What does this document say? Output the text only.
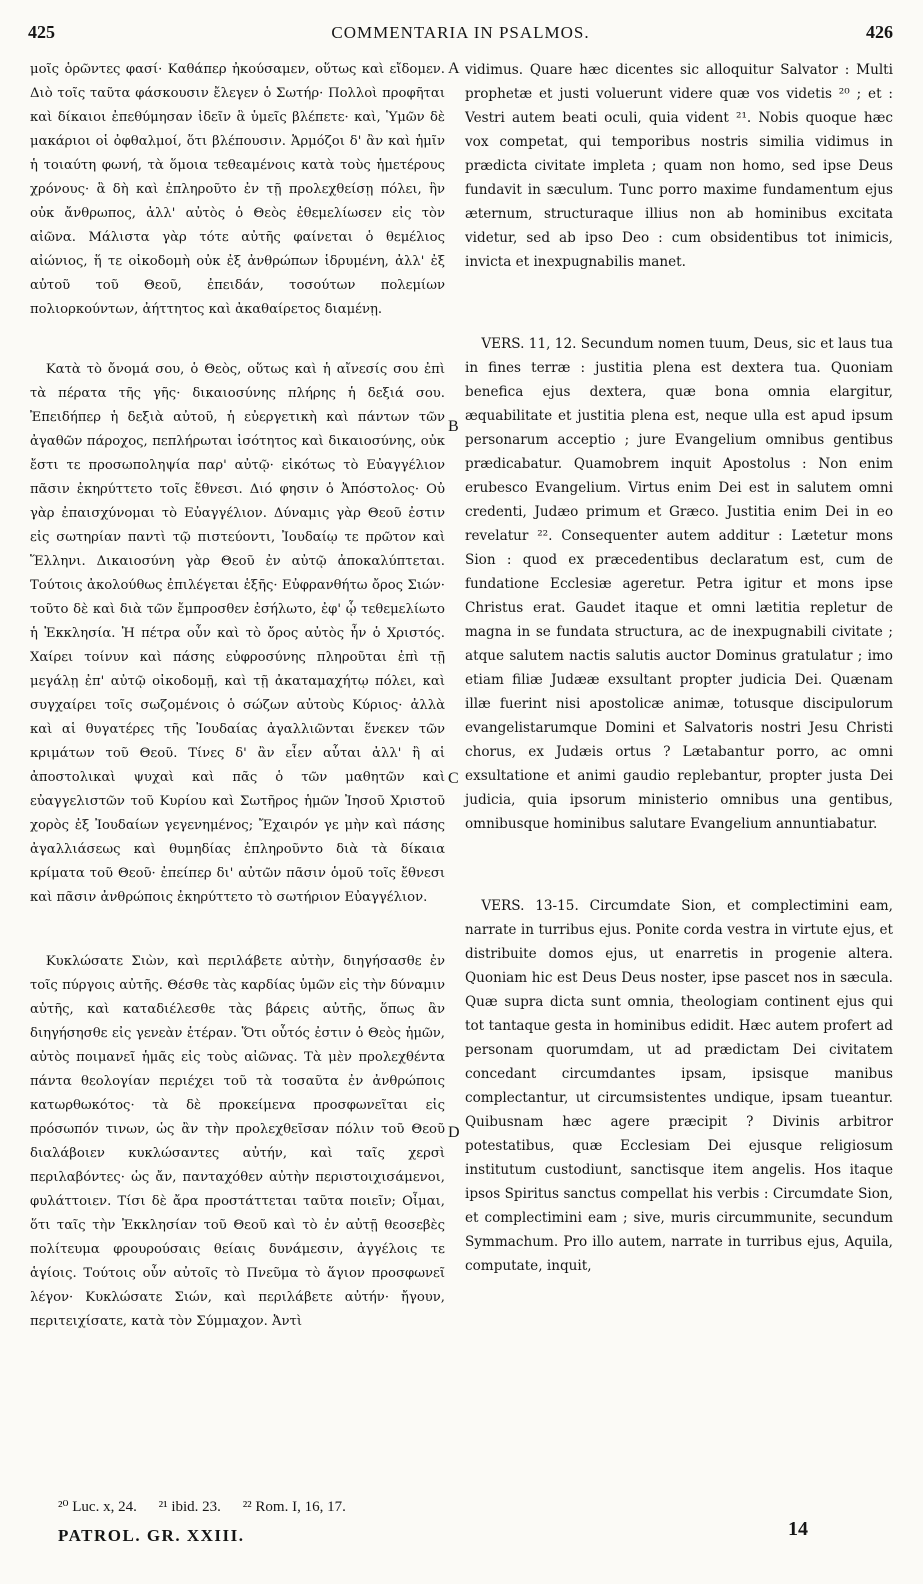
425	COMMENTARIA IN PSALMOS.	426

μοῖς ὁρῶντες φασί· Καθάπερ ἠκούσαμεν, οὕτως καὶ εἴδομεν. Διὸ τοῖς ταῦτα φάσκουσιν ἔλεγεν ὁ Σωτήρ· Πολλοὶ προφῆται καὶ δίκαιοι ἐπεθύμησαν ἰδεῖν ἃ ὑμεῖς βλέπετε· καὶ, Ὑμῶν δὲ μακάριοι οἱ ὀφθαλμοί, ὅτι βλέπουσιν. Ἁρμόζοι δ' ἂν καὶ ἡμῖν ἡ τοιαύτη φωνή, τὰ ὅμοια τεθεαμένοις κατὰ τοὺς ἡμετέρους χρόνους· ἃ δὴ καὶ ἐπληροῦτο ἐν τῇ προλεχθείσῃ πόλει, ἣν οὐκ ἄνθρωπος, ἀλλ' αὐτὸς ὁ Θεὸς ἐθεμελίωσεν εἰς τὸν αἰῶνα. Μάλιστα γὰρ τότε αὐτῆς φαίνεται ὁ θεμέλιος αἰώνιος, ἥ τε οἰκοδομὴ οὐκ ἐξ ἀνθρώπων ἱδρυμένη, ἀλλ' ἐξ αὐτοῦ τοῦ Θεοῦ, ἐπειδάν, τοσούτων πολεμίων πολιορκούντων, ἀήττητος καὶ ἀκαθαίρετος διαμένῃ.

Κατὰ τὸ ὄνομά σου, ὁ Θεὸς, οὕτως καὶ ἡ αἴνεσίς σου ἐπὶ τὰ πέρατα τῆς γῆς· δικαιοσύνης πλήρης ἡ δεξιά σου. Ἐπειδήπερ ἡ δεξιὰ αὐτοῦ, ἡ εὐεργετικὴ καὶ πάντων τῶν ἀγαθῶν πάροχος, πεπλήρωται ἰσότητος καὶ δικαιοσύνης, οὐκ ἔστι τε προσωποληψία παρ' αὐτῷ· εἰκότως τὸ Εὐαγγέλιον πᾶσιν ἐκηρύττετο τοῖς ἔθνεσι. Διό φησιν ὁ Ἀπόστολος· Οὐ γὰρ ἐπαισχύνομαι τὸ Εὐαγγέλιον. Δύναμις γὰρ Θεοῦ ἐστιν εἰς σωτηρίαν παντὶ τῷ πιστεύοντι, Ἰουδαίῳ τε πρῶτον καὶ Ἕλληνι. Δικαιοσύνη γὰρ Θεοῦ ἐν αὐτῷ ἀποκαλύπτεται. Τούτοις ἀκολούθως ἐπιλέγεται ἑξῆς· Εὐφρανθήτω ὄρος Σιών· τοῦτο δὲ καὶ διὰ τῶν ἔμπροσθεν ἐσήλωτο, ἐφ' ᾧ τεθεμελίωτο ἡ Ἐκκλησία. Ἡ πέτρα οὖν καὶ τὸ ὄρος αὐτὸς ἦν ὁ Χριστός. Χαίρει τοίνυν καὶ πάσης εὐφροσύνης πληροῦται ἐπὶ τῇ μεγάλῃ ἐπ' αὐτῷ οἰκοδομῇ, καὶ τῇ ἀκαταμαχήτῳ πόλει, καὶ συγχαίρει τοῖς σωζομένοις ὁ σώζων αὐτοὺς Κύριος· ἀλλὰ καὶ αἱ θυγατέρες τῆς Ἰουδαίας ἀγαλλιῶνται ἕνεκεν τῶν κριμάτων τοῦ Θεοῦ. Τίνες δ' ἂν εἶεν αὗται ἀλλ' ἢ αἱ ἀποστολικαὶ ψυχαὶ καὶ πᾶς ὁ τῶν μαθητῶν καὶ εὐαγγελιστῶν τοῦ Κυρίου καὶ Σωτῆρος ἡμῶν Ἰησοῦ Χριστοῦ χορὸς ἐξ Ἰουδαίων γεγενημένος; Ἔχαιρόν γε μὴν καὶ πάσης ἀγαλλιάσεως καὶ θυμηδίας ἐπληροῦντο διὰ τὰ δίκαια κρίματα τοῦ Θεοῦ· ἐπείπερ δι' αὐτῶν πᾶσιν ὁμοῦ τοῖς ἔθνεσι καὶ πᾶσιν ἀνθρώποις ἐκηρύττετο τὸ σωτήριον Εὐαγγέλιον.

Κυκλώσατε Σιὼν, καὶ περιλάβετε αὐτὴν, διηγήσασθε ἐν τοῖς πύργοις αὐτῆς. Θέσθε τὰς καρδίας ὑμῶν εἰς τὴν δύναμιν αὐτῆς, καὶ καταδιέλεσθε τὰς βάρεις αὐτῆς, ὅπως ἂν διηγήσησθε εἰς γενεὰν ἑτέραν. Ὅτι οὗτός ἐστιν ὁ Θεὸς ἡμῶν, αὐτὸς ποιμανεῖ ἡμᾶς εἰς τοὺς αἰῶνας. Τὰ μὲν προλεχθέντα πάντα θεολογίαν περιέχει τοῦ τὰ τοσαῦτα ἐν ἀνθρώποις κατωρθωκότος· τὰ δὲ προκείμενα προσφωνεῖται εἰς πρόσωπόν τινων, ὡς ἂν τὴν προλεχθεῖσαν πόλιν τοῦ Θεοῦ διαλάβοιεν κυκλώσαντες αὐτήν, καὶ ταῖς χερσὶ περιλαβόντες· ὡς ἄν, πανταχόθεν αὐτὴν περιστοιχισάμενοι, φυλάττοιεν. Τίσι δὲ ἄρα προστάττεται ταῦτα ποιεῖν; Οἶμαι, ὅτι ταῖς τὴν Ἐκκλησίαν τοῦ Θεοῦ καὶ τὸ ἐν αὐτῇ θεοσεβὲς πολίτευμα φρουρούσαις θείαις δυνάμεσιν, ἀγγέλοις τε ἁγίοις. Τούτοις οὖν αὐτοῖς τὸ Πνεῦμα τὸ ἅγιον προσφωνεῖ λέγον· Κυκλώσατε Σιών, καὶ περιλάβετε αὐτήν· ἤγουν, περιτειχίσατε, κατὰ τὸν Σύμμαχον. Ἀντὶ

vidimus. Quare hæc dicentes sic alloquitur Salvator : Multi prophetæ et justi voluerunt videre quæ vos videtis ²⁰ ; et : Vestri autem beati oculi, quia vident ²¹. Nobis quoque hæc vox competat, qui temporibus nostris similia vidimus in prædicta civitate impleta ; quam non homo, sed ipse Deus fundavit in sæculum. Tunc porro maxime fundamentum ejus æternum, structuraque illius non ab hominibus excitata videtur, sed ab ipso Deo : cum obsidentibus tot inimicis, invicta et inexpugnabilis manet.

VERS. 11, 12. Secundum nomen tuum, Deus, sic et laus tua in fines terræ : justitia plena est dextera tua. Quoniam benefica ejus dextera, quæ bona omnia elargitur, æquabilitate et justitia plena est, neque ulla est apud ipsum personarum acceptio ; jure Evangelium omnibus gentibus prædicabatur. Quamobrem inquit Apostolus : Non enim erubesco Evangelium. Virtus enim Dei est in salutem omni credenti, Judæo primum et Græco. Justitia enim Dei in eo revelatur ²². Consequenter autem additur : Lætetur mons Sion : quod ex præcedentibus declaratum est, cum de fundatione Ecclesiæ ageretur. Petra igitur et mons ipse Christus erat. Gaudet itaque et omni lætitia repletur de magna in se fundata structura, ac de inexpugnabili civitate ; atque salutem nactis salutis auctor Dominus gratulatur ; imo etiam filiæ Judææ exsultant propter judicia Dei. Quænam illæ fuerint nisi apostolicæ animæ, totusque discipulorum evangelistarumque Domini et Salvatoris nostri Jesu Christi chorus, ex Judæis ortus ? Lætabantur porro, ac omni exsultatione et animi gaudio replebantur, propter justa Dei judicia, quia ipsorum ministerio omnibus una gentibus, omnibusque hominibus salutare Evangelium annuntiabatur.

VERS. 13-15. Circumdate Sion, et complectimini eam, narrate in turribus ejus. Ponite corda vestra in virtute ejus, et distribuite domos ejus, ut enarretis in progenie altera. Quoniam hic est Deus Deus noster, ipse pascet nos in sæcula. Quæ supra dicta sunt omnia, theologiam continent ejus qui tot tantaque gesta in hominibus edidit. Hæc autem profert ad personam quorumdam, ut ad prædictam Dei civitatem concedant circumdantes ipsam, ipsisque manibus complectantur, ut circumsistentes undique, ipsam tueantur. Quibusnam hæc agere præcipit ? Divinis arbitror potestatibus, quæ Ecclesiam Dei ejusque religiosum institutum custodiunt, sanctisque item angelis. Hos itaque ipsos Spiritus sanctus compellat his verbis : Circumdate Sion, et complectimini eam ; sive, muris circummunite, secundum Symmachum. Pro illo autem, narrate in turribus ejus, Aquila, computate, inquit,

A
B
C
D
²⁰ Luc. x, 24. ²¹ ibid. 23. ²² Rom. I, 16, 17.
PATROL. GR. XXIII.	14
